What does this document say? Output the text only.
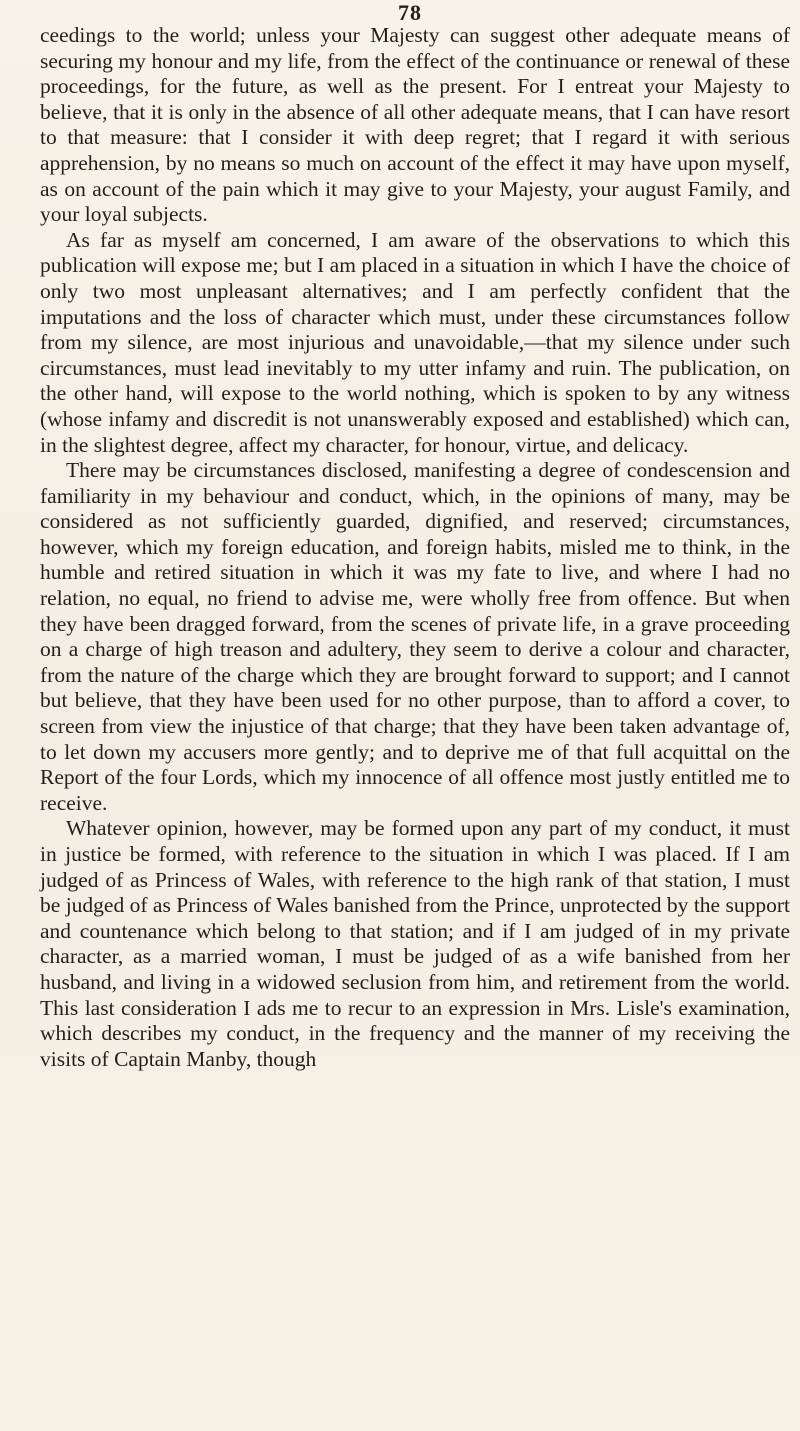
78

ceedings to the world; unless your Majesty can suggest other adequate means of securing my honour and my life, from the effect of the continuance or renewal of these proceedings, for the future, as well as the present. For I entreat your Majesty to believe, that it is only in the absence of all other adequate means, that I can have resort to that measure: that I consider it with deep regret; that I regard it with serious apprehension, by no means so much on account of the effect it may have upon myself, as on account of the pain which it may give to your Majesty, your august Family, and your loyal subjects.

As far as myself am concerned, I am aware of the observations to which this publication will expose me; but I am placed in a situation in which I have the choice of only two most unpleasant alternatives; and I am perfectly confident that the imputations and the loss of character which must, under these circumstances follow from my silence, are most injurious and unavoidable,—that my silence under such circumstances, must lead inevitably to my utter infamy and ruin. The publication, on the other hand, will expose to the world nothing, which is spoken to by any witness (whose infamy and discredit is not unanswerably exposed and established) which can, in the slightest degree, affect my character, for honour, virtue, and delicacy.

There may be circumstances disclosed, manifesting a degree of condescension and familiarity in my behaviour and conduct, which, in the opinions of many, may be considered as not sufficiently guarded, dignified, and reserved; circumstances, however, which my foreign education, and foreign habits, misled me to think, in the humble and retired situation in which it was my fate to live, and where I had no relation, no equal, no friend to advise me, were wholly free from offence. But when they have been dragged forward, from the scenes of private life, in a grave proceeding on a charge of high treason and adultery, they seem to derive a colour and character, from the nature of the charge which they are brought forward to support; and I cannot but believe, that they have been used for no other purpose, than to afford a cover, to screen from view the injustice of that charge; that they have been taken advantage of, to let down my accusers more gently; and to deprive me of that full acquittal on the Report of the four Lords, which my innocence of all offence most justly entitled me to receive.

Whatever opinion, however, may be formed upon any part of my conduct, it must in justice be formed, with reference to the situation in which I was placed. If I am judged of as Princess of Wales, with reference to the high rank of that station, I must be judged of as Princess of Wales banished from the Prince, unprotected by the support and countenance which belong to that station; and if I am judged of in my private character, as a married woman, I must be judged of as a wife banished from her husband, and living in a widowed seclusion from him, and retirement from the world. This last consideration I ads me to recur to an expression in Mrs. Lisle's examination, which describes my conduct, in the frequency and the manner of my receiving the visits of Captain Manby, though
